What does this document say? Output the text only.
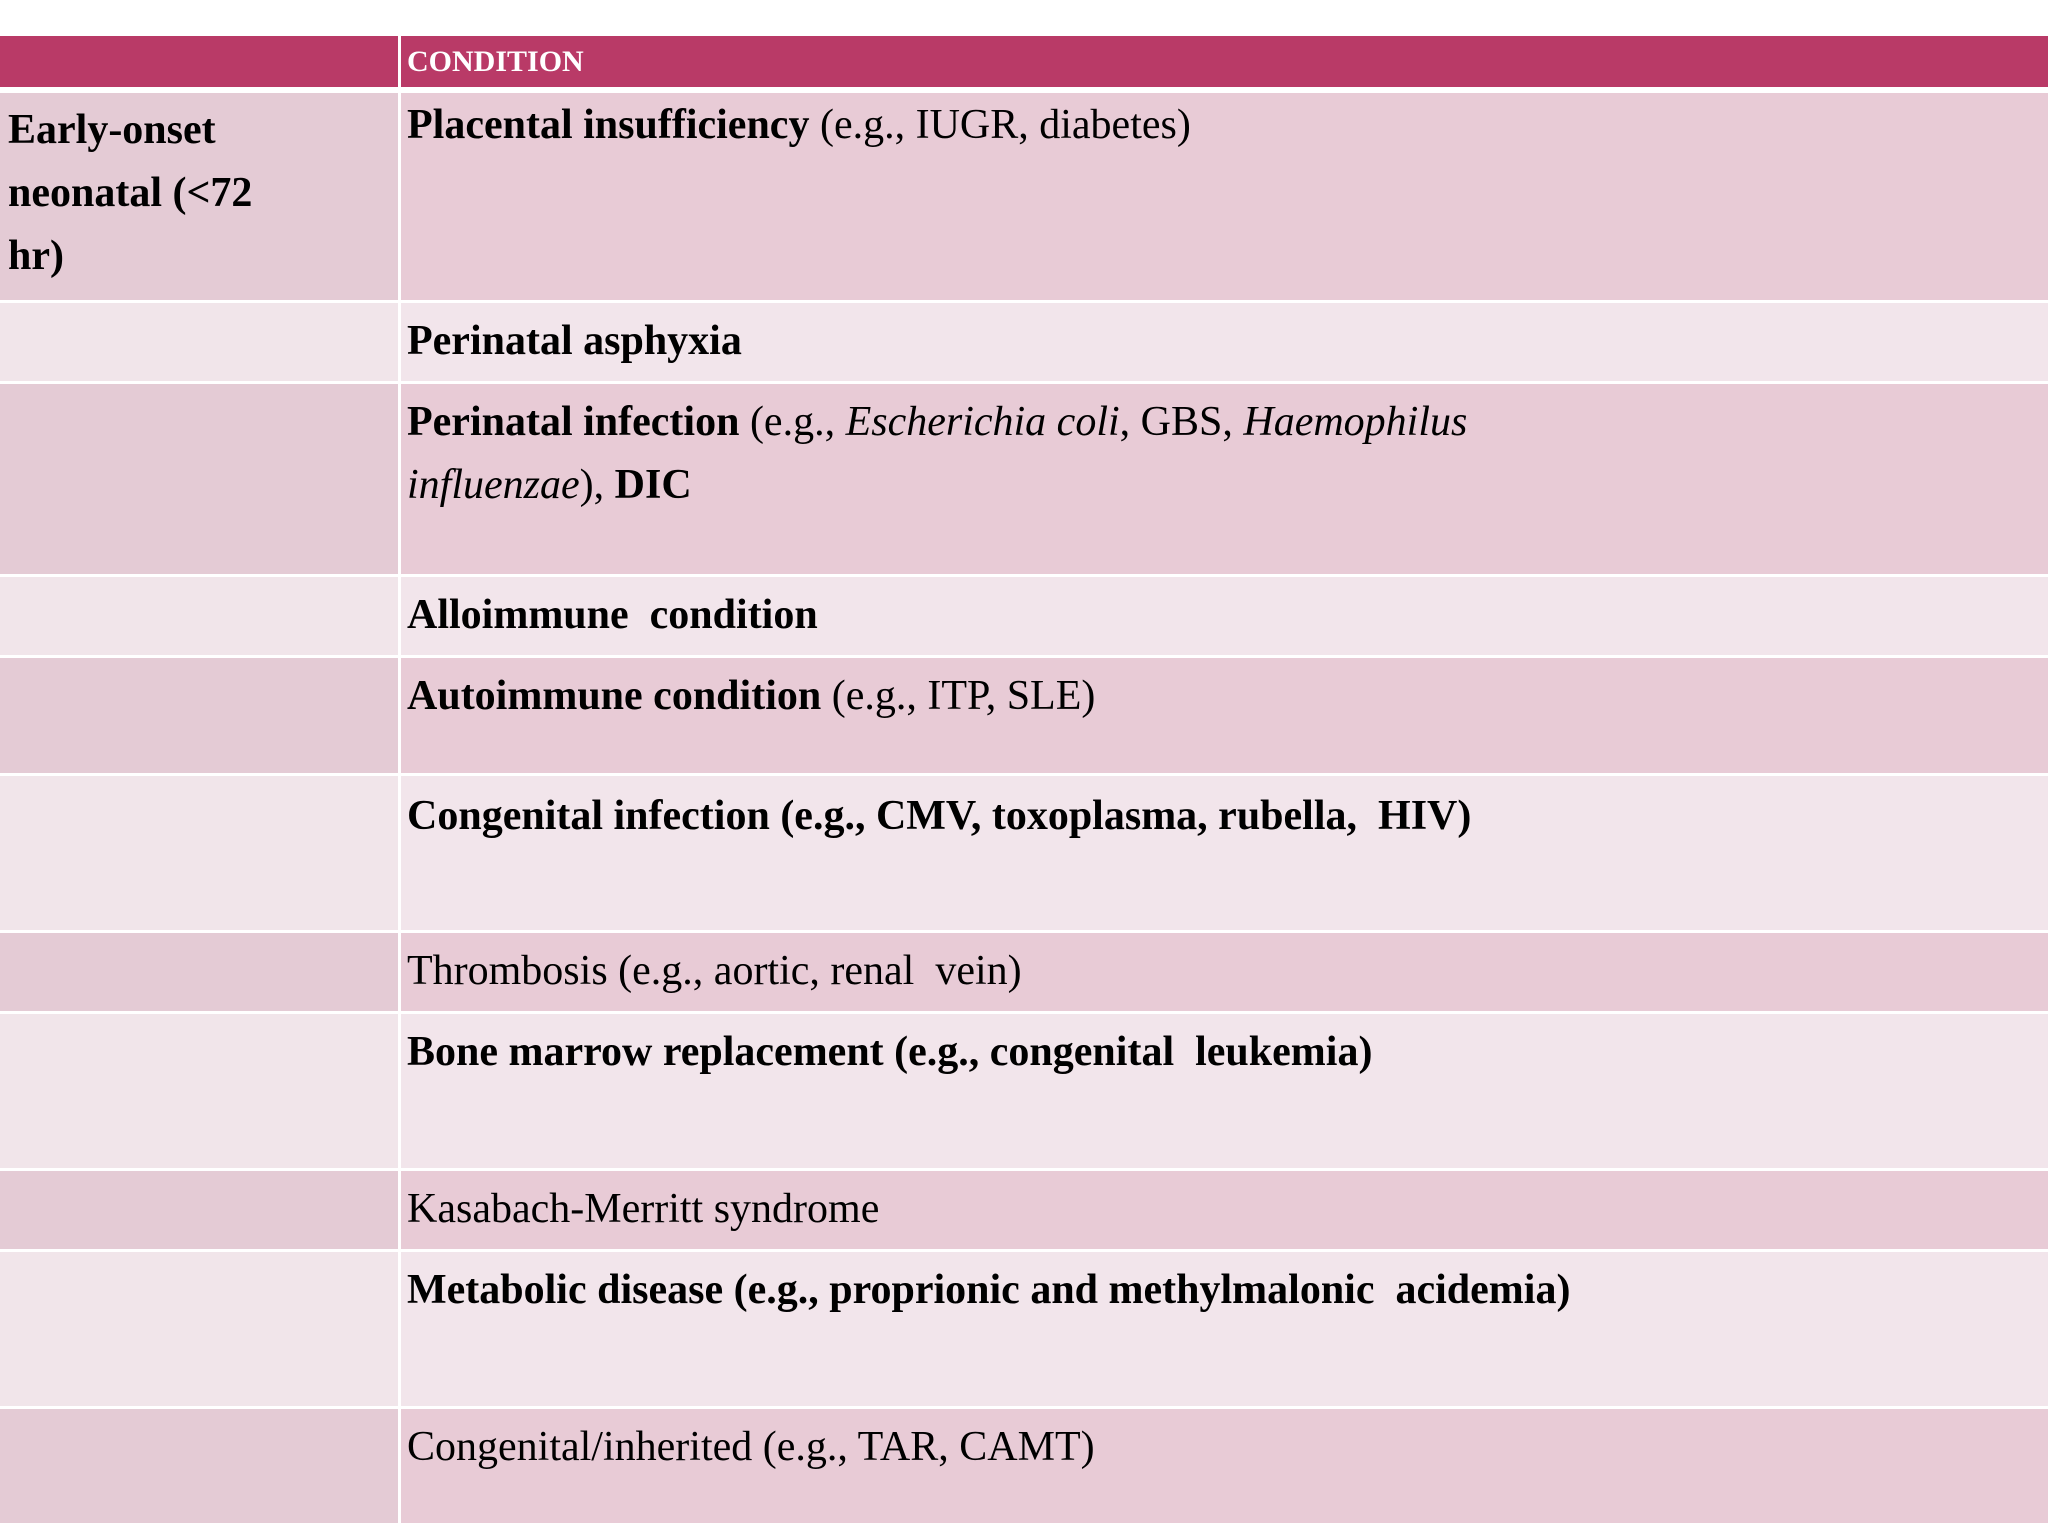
	CONDITION

Early-onset
neonatal (<72
hr)	Placental insufficiency (e.g., IUGR, diabetes)

	Perinatal asphyxia

	Perinatal infection (e.g., Escherichia coli, GBS, Haemophilus
influenzae), DIC

	Alloimmune  condition

	Autoimmune condition (e.g., ITP, SLE)

	Congenital infection (e.g., CMV, toxoplasma, rubella,  HIV)

	Thrombosis (e.g., aortic, renal  vein)

	Bone marrow replacement (e.g., congenital  leukemia)

	Kasabach-Merritt syndrome

	Metabolic disease (e.g., proprionic and methylmalonic  acidemia)

	Congenital/inherited (e.g., TAR, CAMT)
